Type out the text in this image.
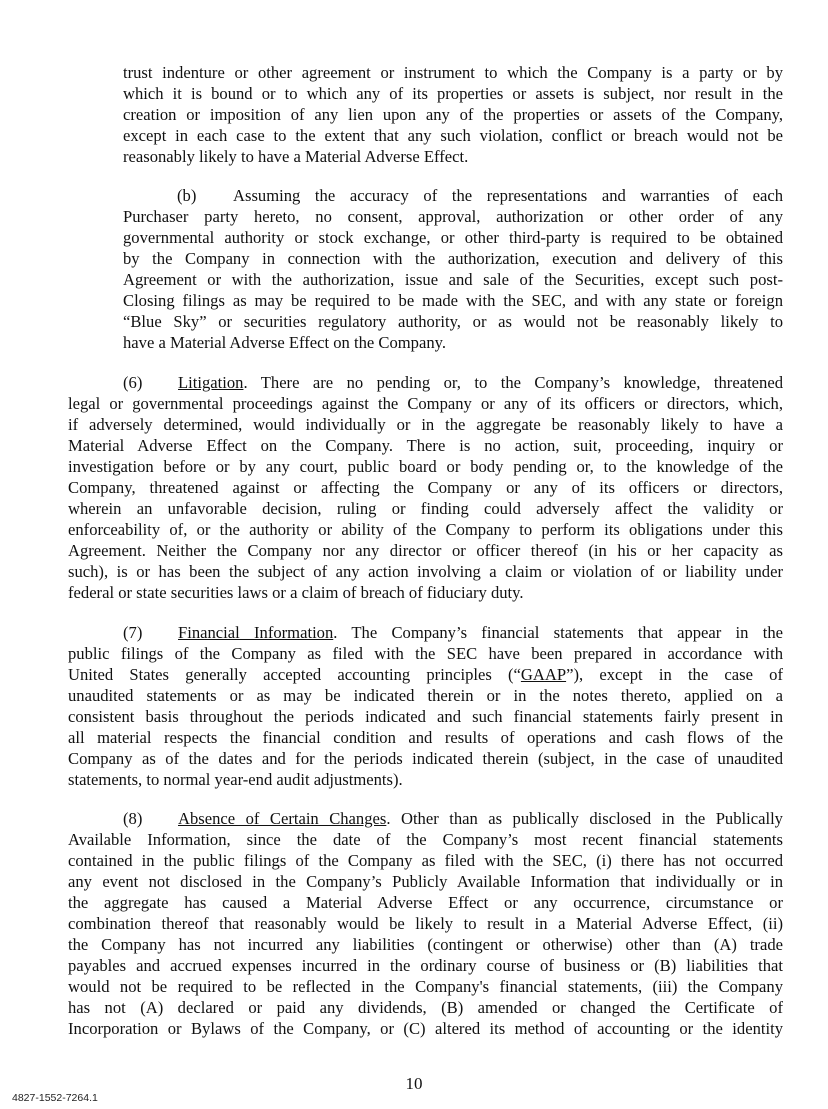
trust indenture or other agreement or instrument to which the Company is a party or by
which it is bound or to which any of its properties or assets is subject, nor result in the
creation or imposition of any lien upon any of the properties or assets of the Company,
except in each case to the extent that any such violation, conflict or breach would not be
reasonably likely to have a Material Adverse Effect.
(b) Assuming the accuracy of the representations and warranties of each
Purchaser party hereto, no consent, approval, authorization or other order of any
governmental authority or stock exchange, or other third-party is required to be obtained
by the Company in connection with the authorization, execution and delivery of this
Agreement or with the authorization, issue and sale of the Securities, except such post-
Closing filings as may be required to be made with the SEC, and with any state or foreign
“Blue Sky” or securities regulatory authority, or as would not be reasonably likely to
have a Material Adverse Effect on the Company.
(6) Litigation. There are no pending or, to the Company’s knowledge, threatened
legal or governmental proceedings against the Company or any of its officers or directors, which,
if adversely determined, would individually or in the aggregate be reasonably likely to have a
Material Adverse Effect on the Company. There is no action, suit, proceeding, inquiry or
investigation before or by any court, public board or body pending or, to the knowledge of the
Company, threatened against or affecting the Company or any of its officers or directors,
wherein an unfavorable decision, ruling or finding could adversely affect the validity or
enforceability of, or the authority or ability of the Company to perform its obligations under this
Agreement. Neither the Company nor any director or officer thereof (in his or her capacity as
such), is or has been the subject of any action involving a claim or violation of or liability under
federal or state securities laws or a claim of breach of fiduciary duty.
(7) Financial Information. The Company’s financial statements that appear in the
public filings of the Company as filed with the SEC have been prepared in accordance with
United States generally accepted accounting principles (“GAAP”), except in the case of
unaudited statements or as may be indicated therein or in the notes thereto, applied on a
consistent basis throughout the periods indicated and such financial statements fairly present in
all material respects the financial condition and results of operations and cash flows of the
Company as of the dates and for the periods indicated therein (subject, in the case of unaudited
statements, to normal year-end audit adjustments).
(8) Absence of Certain Changes. Other than as publically disclosed in the Publically
Available Information, since the date of the Company’s most recent financial statements
contained in the public filings of the Company as filed with the SEC, (i) there has not occurred
any event not disclosed in the Company’s Publicly Available Information that individually or in
the aggregate has caused a Material Adverse Effect or any occurrence, circumstance or
combination thereof that reasonably would be likely to result in a Material Adverse Effect, (ii)
the Company has not incurred any liabilities (contingent or otherwise) other than (A) trade
payables and accrued expenses incurred in the ordinary course of business or (B) liabilities that
would not be required to be reflected in the Company's financial statements, (iii) the Company
has not (A) declared or paid any dividends, (B) amended or changed the Certificate of
Incorporation or Bylaws of the Company, or (C) altered its method of accounting or the identity
10
4827-1552-7264.1
